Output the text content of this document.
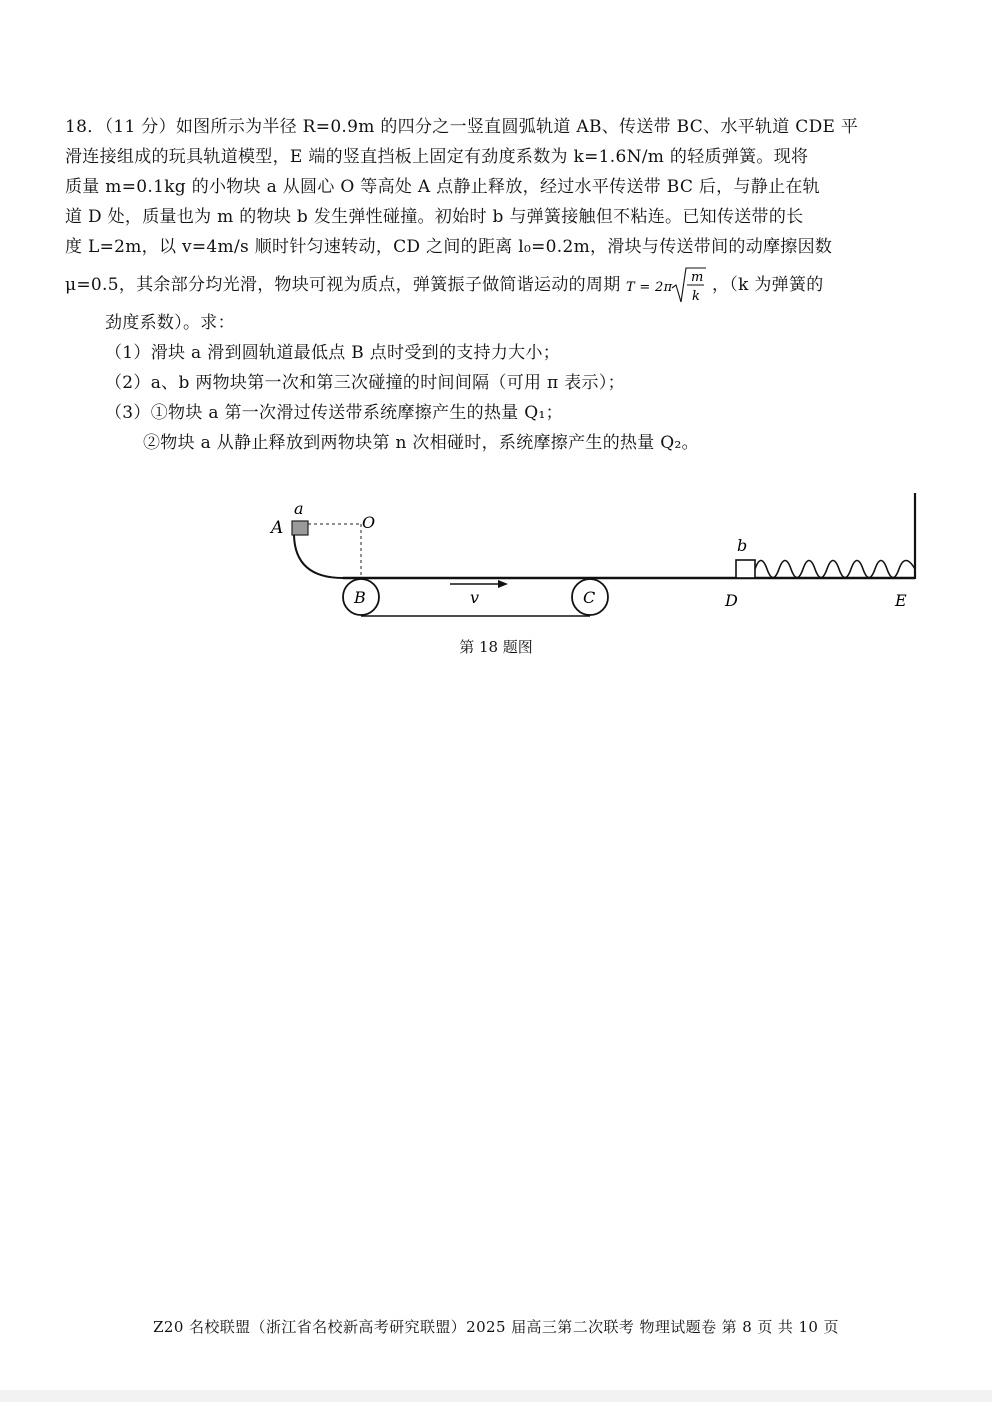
18．（11 分）如图所示为半径 R=0.9m 的四分之一竖直圆弧轨道 AB、传送带 BC、水平轨道 CDE 平
滑连接组成的玩具轨道模型，E 端的竖直挡板上固定有劲度系数为 k=1.6N/m 的轻质弹簧。现将
质量 m=0.1kg 的小物块 a 从圆心 O 等高处 A 点静止释放，经过水平传送带 BC 后，与静止在轨
道 D 处，质量也为 m 的物块 b 发生弹性碰撞。初始时 b 与弹簧接触但不粘连。已知传送带的长
度 L=2m，以 v=4m/s 顺时针匀速转动，CD 之间的距离 l₀=0.2m，滑块与传送带间的动摩擦因数
μ=0.5，其余部分均光滑，物块可视为质点，弹簧振子做简谐运动的周期 T = 2π
m
k
，（k 为弹簧的
劲度系数）。求：
（1）滑块 a 滑到圆轨道最低点 B 点时受到的支持力大小；
（2）a、b 两物块第一次和第三次碰撞的时间间隔（可用 π 表示）；
（3）①物块 a 第一次滑过传送带系统摩擦产生的热量 Q₁；
②物块 a 从静止释放到两物块第 n 次相碰时，系统摩擦产生的热量 Q₂。
a
A	O
B	C
v
b
D	E
第 18 题图
Z20 名校联盟（浙江省名校新高考研究联盟）2025 届高三第二次联考 物理试题卷 第 8 页 共 10 页
